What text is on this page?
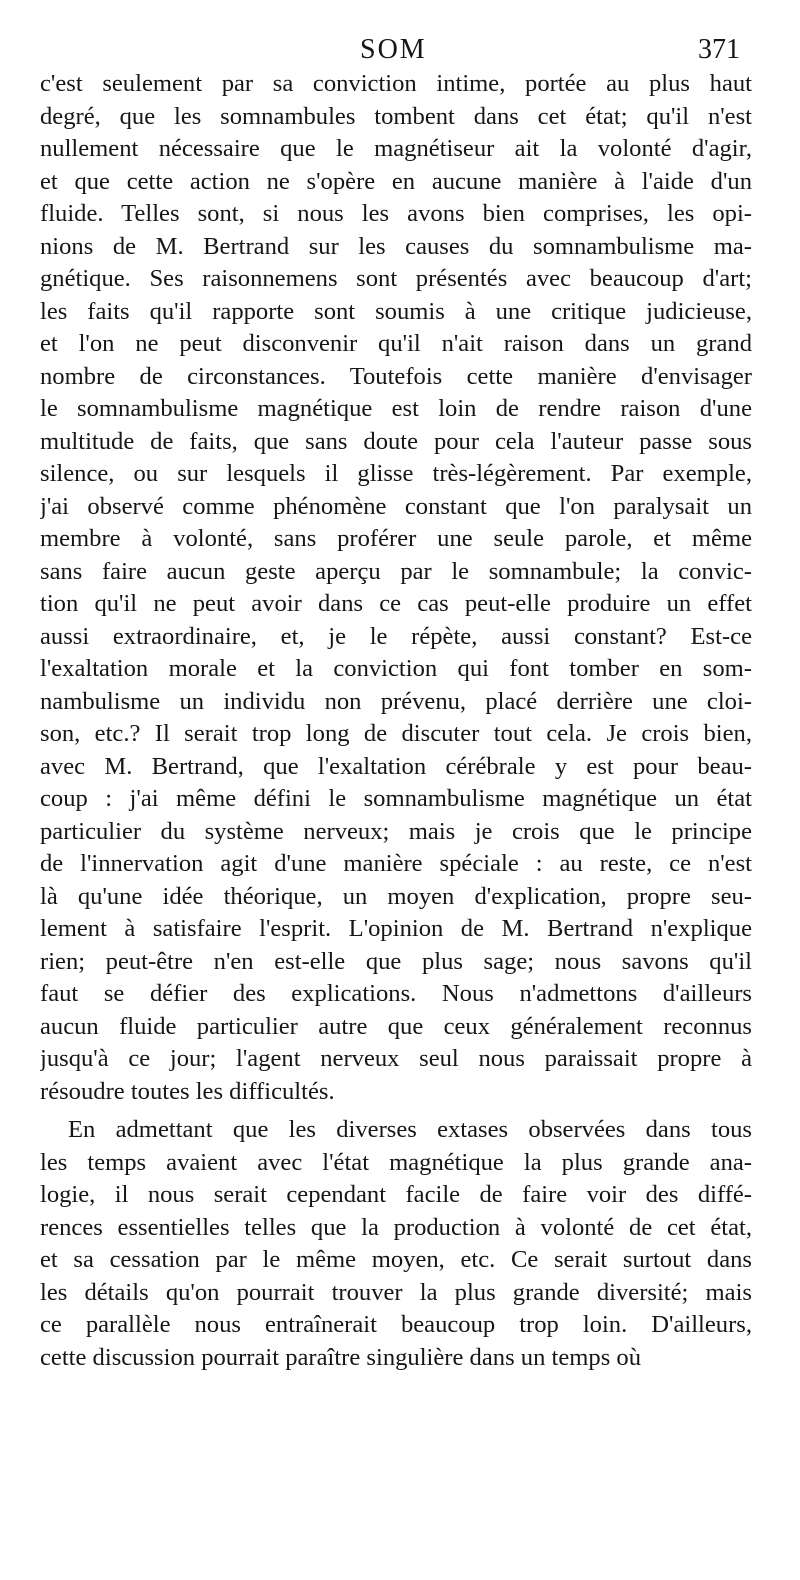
SOM	371
c'est seulement par sa conviction intime, portée au plus haut
degré, que les somnambules tombent dans cet état; qu'il n'est
nullement nécessaire que le magnétiseur ait la volonté d'agir,
et que cette action ne s'opère en aucune manière à l'aide d'un
fluide. Telles sont, si nous les avons bien comprises, les opi-
nions de M. Bertrand sur les causes du somnambulisme ma-
gnétique. Ses raisonnemens sont présentés avec beaucoup d'art;
les faits qu'il rapporte sont soumis à une critique judicieuse,
et l'on ne peut disconvenir qu'il n'ait raison dans un grand
nombre de circonstances. Toutefois cette manière d'envisager
le somnambulisme magnétique est loin de rendre raison d'une
multitude de faits, que sans doute pour cela l'auteur passe sous
silence, ou sur lesquels il glisse très-légèrement. Par exemple,
j'ai observé comme phénomène constant que l'on paralysait un
membre à volonté, sans proférer une seule parole, et même
sans faire aucun geste aperçu par le somnambule; la convic-
tion qu'il ne peut avoir dans ce cas peut-elle produire un effet
aussi extraordinaire, et, je le répète, aussi constant? Est-ce
l'exaltation morale et la conviction qui font tomber en som-
nambulisme un individu non prévenu, placé derrière une cloi-
son, etc.? Il serait trop long de discuter tout cela. Je crois bien,
avec M. Bertrand, que l'exaltation cérébrale y est pour beau-
coup : j'ai même défini le somnambulisme magnétique un état
particulier du système nerveux; mais je crois que le principe
de l'innervation agit d'une manière spéciale : au reste, ce n'est
là qu'une idée théorique, un moyen d'explication, propre seu-
lement à satisfaire l'esprit. L'opinion de M. Bertrand n'explique
rien; peut-être n'en est-elle que plus sage; nous savons qu'il
faut se défier des explications. Nous n'admettons d'ailleurs
aucun fluide particulier autre que ceux généralement reconnus
jusqu'à ce jour; l'agent nerveux seul nous paraissait propre à
résoudre toutes les difficultés.
En admettant que les diverses extases observées dans tous
les temps avaient avec l'état magnétique la plus grande ana-
logie, il nous serait cependant facile de faire voir des diffé-
rences essentielles telles que la production à volonté de cet état,
et sa cessation par le même moyen, etc. Ce serait surtout dans
les détails qu'on pourrait trouver la plus grande diversité; mais
ce parallèle nous entraînerait beaucoup trop loin. D'ailleurs,
cette discussion pourrait paraître singulière dans un temps où
